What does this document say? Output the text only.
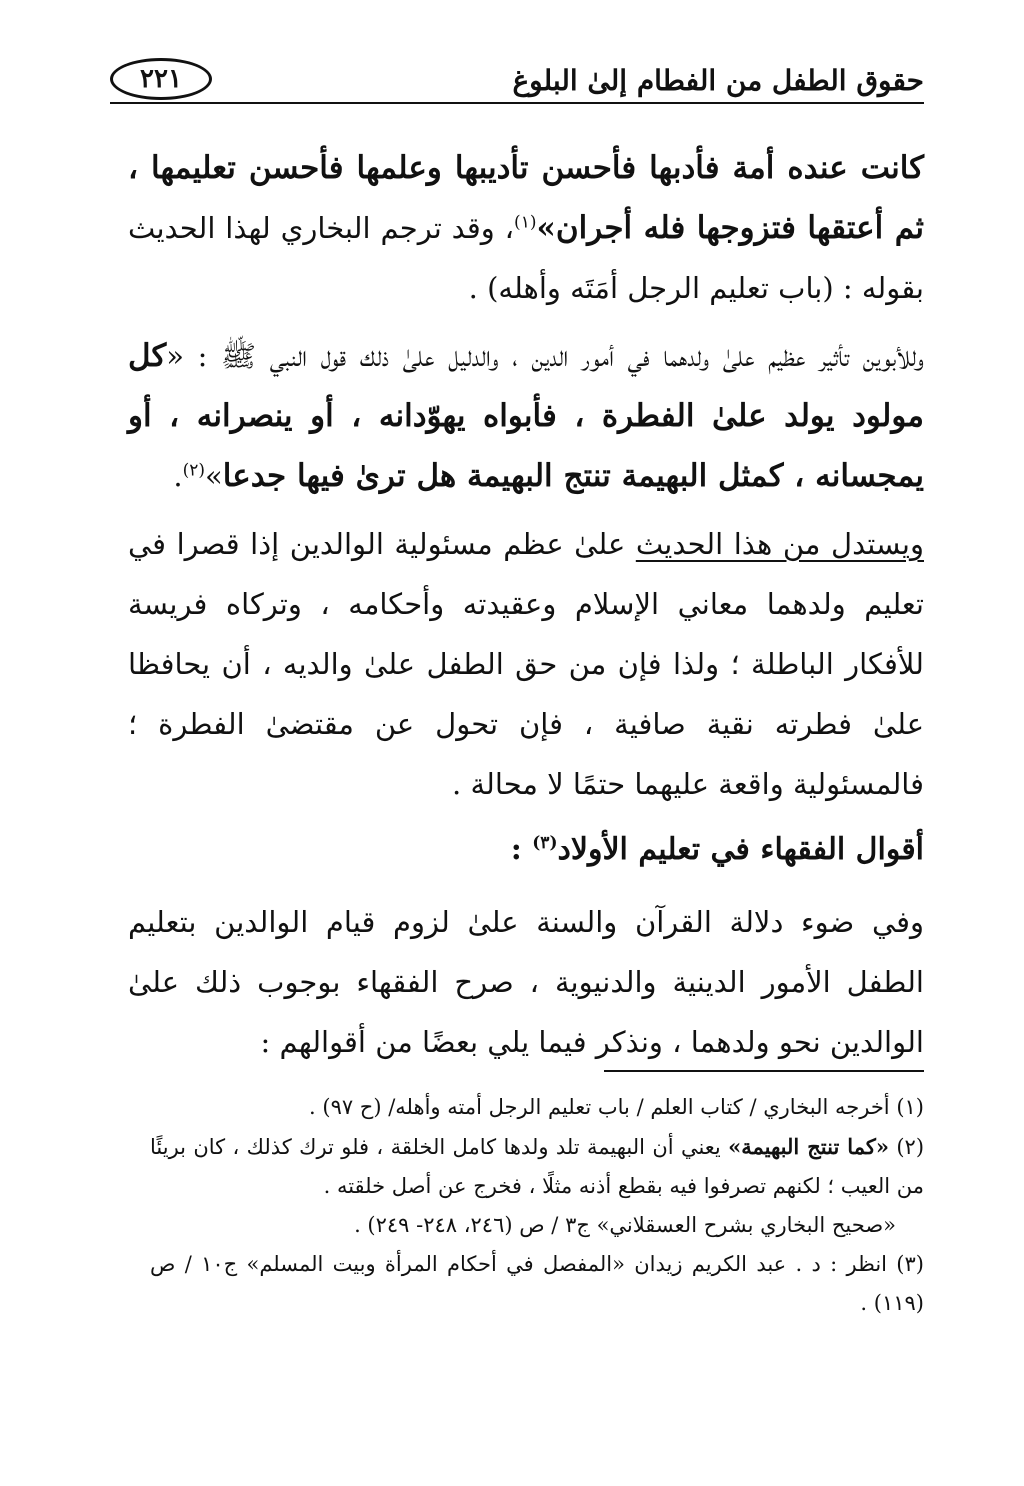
حقوق الطفل من الفطام إلىٰ البلوغ
٢٢١

كانت عنده أمة فأدبها فأحسن تأديبها وعلمها فأحسن تعليمها ، ثم أعتقها فتزوجها فله أجران»$^{(١)}$، وقد ترجم البخاري لهذا الحديث بقوله : (باب تعليم الرجل أمَتَه وأهله) .

وللأبوين تأثير عظيم علىٰ ولدهما في أمور الدين ، والدليل علىٰ ذلك قول النبي ﷺ : «كل مولود يولد علىٰ الفطرة ، فأبواه يهوّدانه ، أو ينصرانه ، أو يمجسانه ، كمثل البهيمة تنتج البهيمة هل ترىٰ فيها جدعا»$^{(٢)}$.

ويستدل من هذا الحديث علىٰ عظم مسئولية الوالدين إذا قصرا في تعليم ولدهما معاني الإسلام وعقيدته وأحكامه ، وتركاه فريسة للأفكار الباطلة ؛ ولذا فإن من حق الطفل علىٰ والديه ، أن يحافظا علىٰ فطرته نقية صافية ، فإن تحول عن مقتضىٰ الفطرة ؛ فالمسئولية واقعة عليهما حتمًا لا محالة .

أقوال الفقهاء في تعليم الأولاد$^{(٣)}$ :

وفي ضوء دلالة القرآن والسنة علىٰ لزوم قيام الوالدين بتعليم الطفل الأمور الدينية والدنيوية ، صرح الفقهاء بوجوب ذلك علىٰ الوالدين نحو ولدهما ، ونذكر فيما يلي بعضًا من أقوالهم :

(١) أخرجه البخاري / كتاب العلم / باب تعليم الرجل أمته وأهله/ (ح ٩٧) .

(٢) «كما تنتج البهيمة» يعني أن البهيمة تلد ولدها كامل الخلقة ، فلو ترك كذلك ، كان بريئًا من العيب ؛ لكنهم تصرفوا فيه بقطع أذنه مثلًا ، فخرج عن أصل خلقته .
«صحيح البخاري بشرح العسقلاني» ج٣ / ص (٢٤٦، ٢٤٨- ٢٤٩) .

(٣) انظر : د . عبد الكريم زيدان «المفصل في أحكام المرأة وبيت المسلم» ج١٠ / ص (١١٩) .
